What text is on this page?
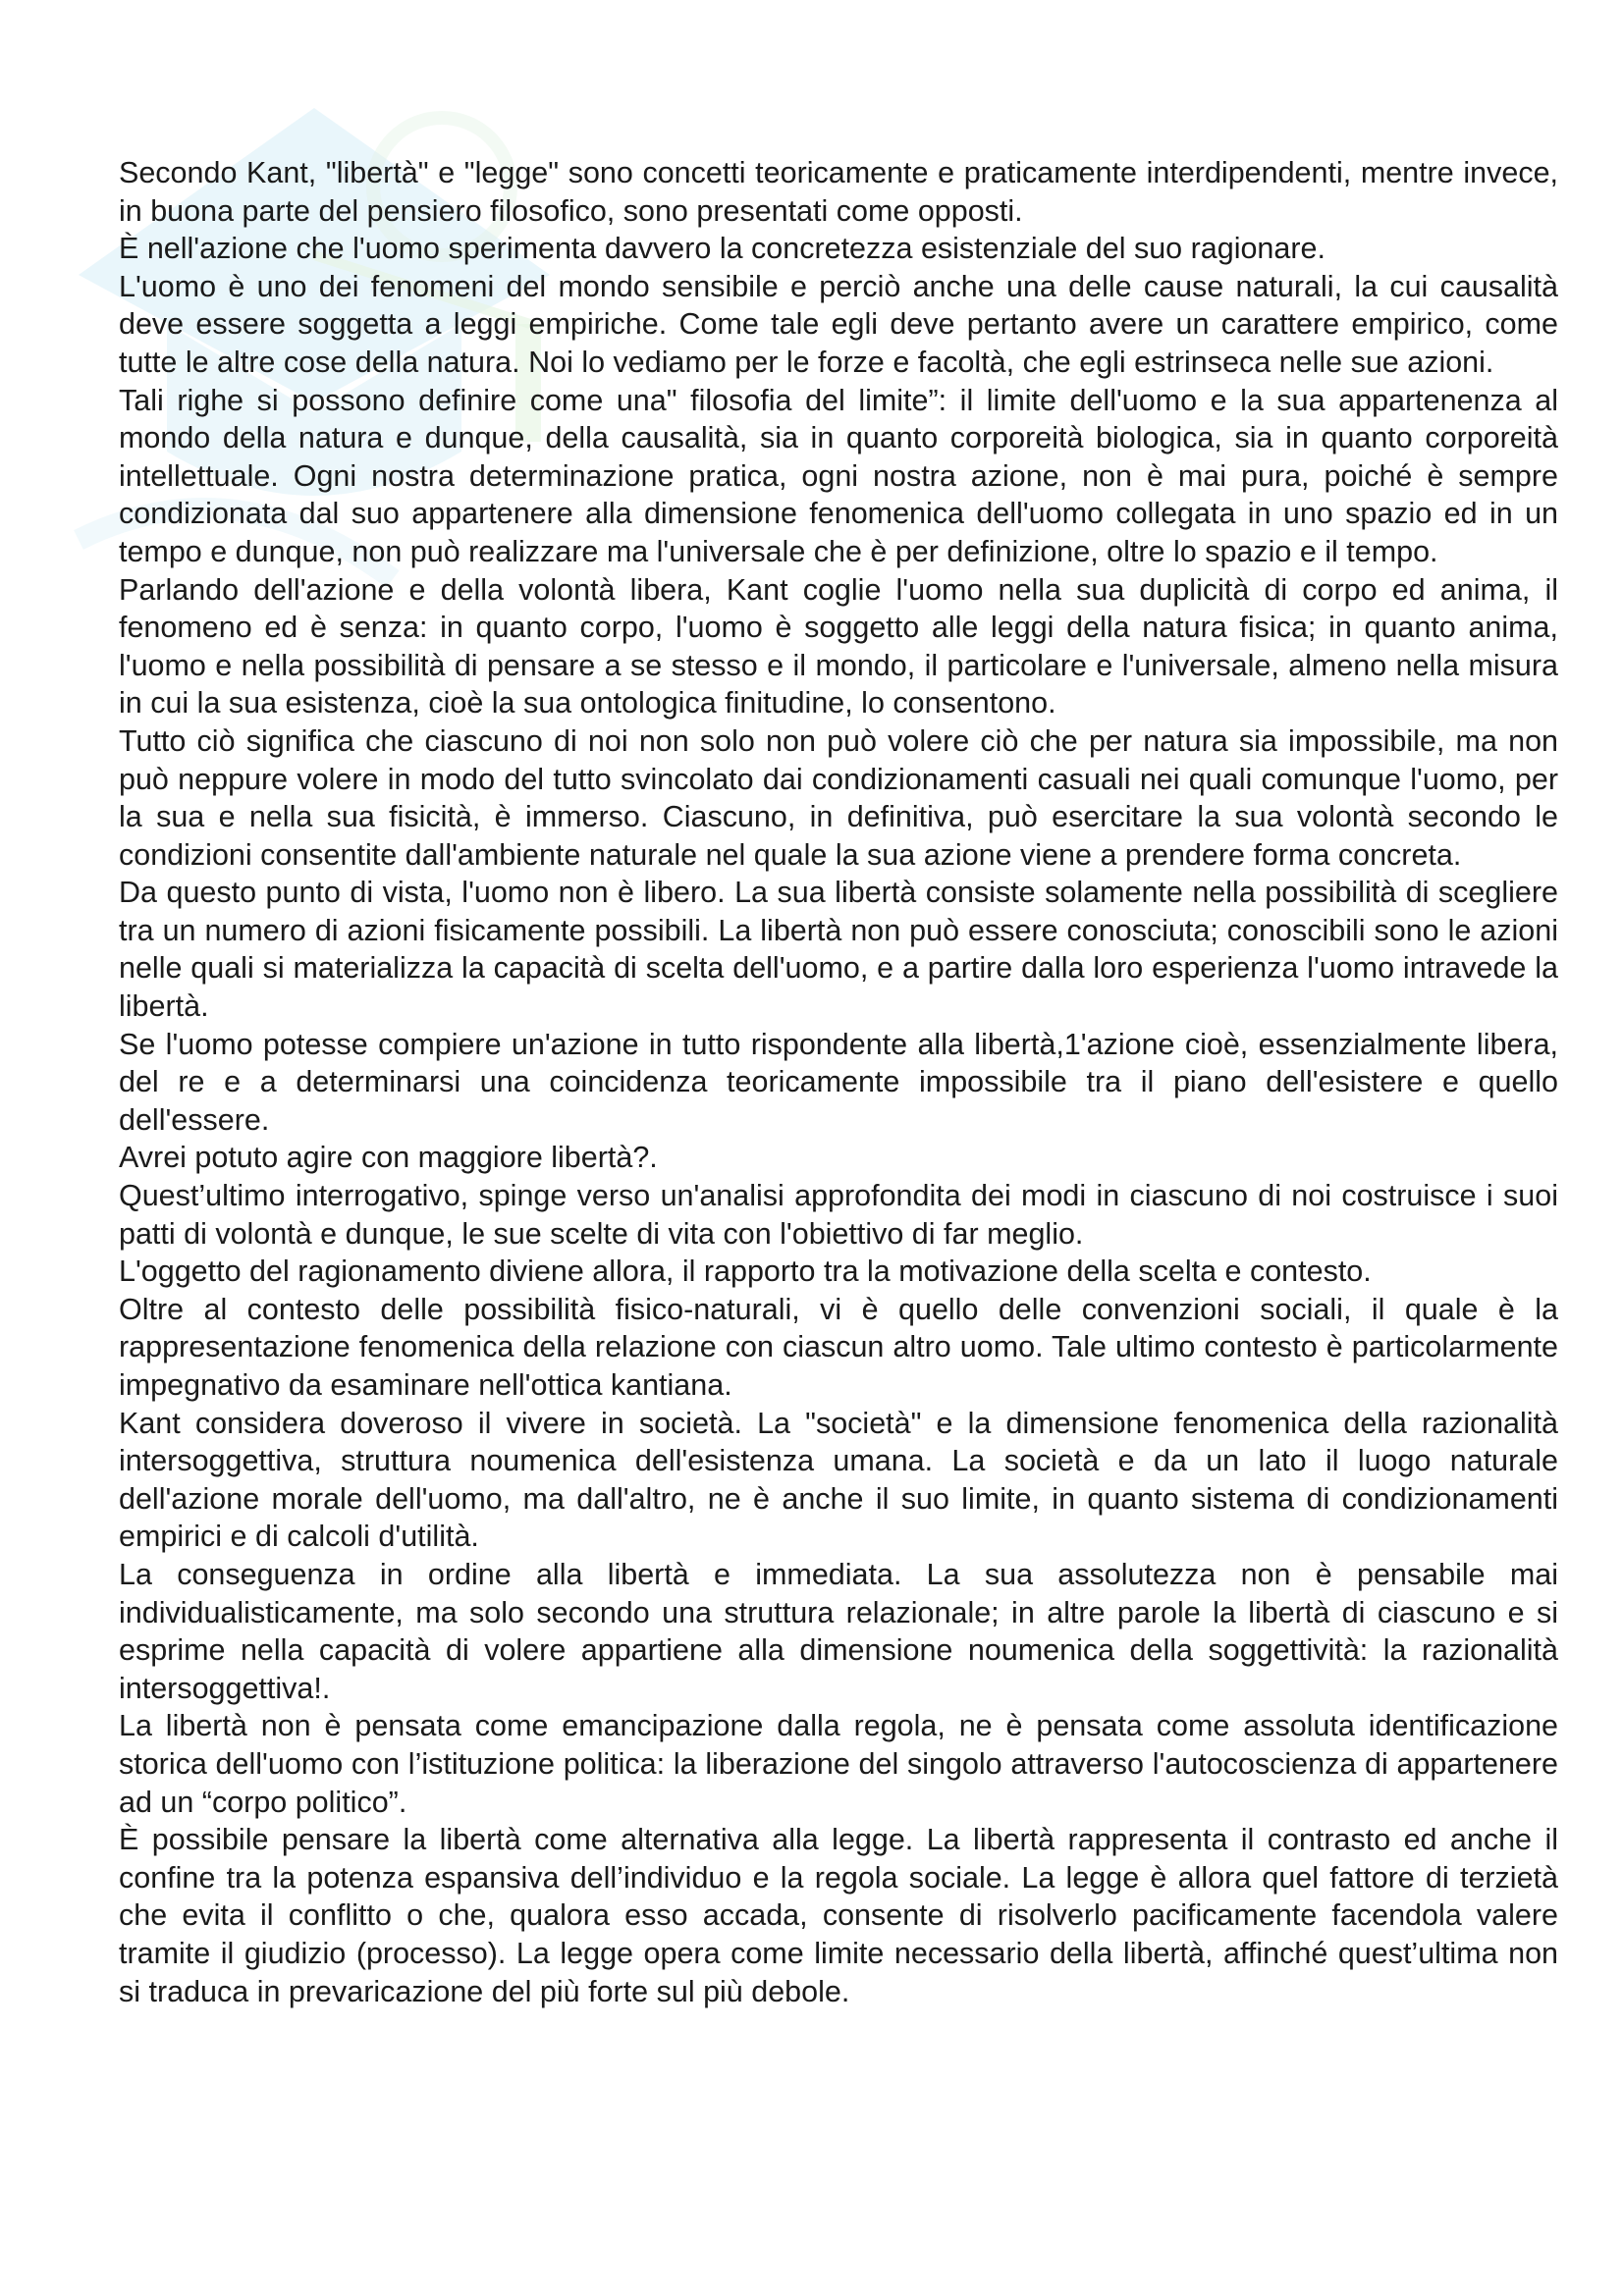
Secondo Kant, "libertà" e "legge" sono concetti teoricamente e praticamente interdipendenti, mentre invece, in buona parte del pensiero filosofico, sono presentati come opposti.

È nell'azione che l'uomo sperimenta davvero la concretezza esistenziale del suo ragionare.

L'uomo è uno dei fenomeni del mondo sensibile e perciò anche una delle cause naturali, la cui causalità deve essere soggetta a leggi empiriche. Come tale egli deve pertanto avere un carattere empirico, come tutte le altre cose della natura. Noi lo vediamo per le forze e facoltà, che egli estrinseca nelle sue azioni.

Tali righe si possono definire come una" filosofia del limite”: il limite dell'uomo e la sua appartenenza al mondo della natura e dunque, della causalità, sia in quanto corporeità biologica, sia in quanto corporeità intellettuale. Ogni nostra determinazione pratica, ogni nostra azione, non è mai pura, poiché è sempre condizionata dal suo appartenere alla dimensione fenomenica dell'uomo collegata in uno spazio ed in un tempo e dunque, non può realizzare ma l'universale che è per definizione, oltre lo spazio e il tempo.

Parlando dell'azione e della volontà libera, Kant coglie l'uomo nella sua duplicità di corpo ed anima, il fenomeno ed è senza: in quanto corpo, l'uomo è soggetto alle leggi della natura fisica; in quanto anima, l'uomo e nella possibilità di pensare a se stesso e il mondo, il particolare e l'universale, almeno nella misura in cui la sua esistenza, cioè la sua ontologica finitudine, lo consentono.

Tutto ciò significa che ciascuno di noi non solo non può volere ciò che per natura sia impossibile, ma non può neppure volere in modo del tutto svincolato dai condizionamenti casuali nei quali comunque l'uomo, per la sua e nella sua fisicità, è immerso. Ciascuno, in definitiva, può esercitare la sua volontà secondo le condizioni consentite dall'ambiente naturale nel quale la sua azione viene a prendere forma concreta.

Da questo punto di vista, l'uomo non è libero. La sua libertà consiste solamente nella possibilità di scegliere tra un numero di azioni fisicamente possibili. La libertà non può essere conosciuta; conoscibili sono le azioni nelle quali si materializza la capacità di scelta dell'uomo, e a partire dalla loro esperienza l'uomo intravede la libertà.

Se l'uomo potesse compiere un'azione in tutto rispondente alla libertà,1'azione cioè, essenzialmente libera, del re e a determinarsi una coincidenza teoricamente impossibile tra il piano dell'esistere e quello dell'essere.

Avrei potuto agire con maggiore libertà?.

Quest’ultimo interrogativo, spinge verso un'analisi approfondita dei modi in ciascuno di noi costruisce i suoi patti di volontà e dunque, le sue scelte di vita con l'obiettivo di far meglio.

L'oggetto del ragionamento diviene allora, il rapporto tra la motivazione della scelta e contesto.

Oltre al contesto delle possibilità fisico-naturali, vi è quello delle convenzioni sociali, il quale è la rappresentazione fenomenica della relazione con ciascun altro uomo. Tale ultimo contesto è particolarmente impegnativo da esaminare nell'ottica kantiana.

Kant considera doveroso il vivere in società. La "società" e la dimensione fenomenica della razionalità intersoggettiva, struttura noumenica dell'esistenza umana. La società e da un lato il luogo naturale dell'azione morale dell'uomo, ma dall'altro, ne è anche il suo limite, in quanto sistema di condizionamenti empirici e di calcoli d'utilità.

La conseguenza in ordine alla libertà e immediata. La sua assolutezza non è pensabile mai individualisticamente, ma solo secondo una struttura relazionale; in altre parole la libertà di ciascuno e si esprime nella capacità di volere appartiene alla dimensione noumenica della soggettività: la razionalità intersoggettiva!.

La libertà non è pensata come emancipazione dalla regola, ne è pensata come assoluta identificazione storica dell'uomo con l’istituzione politica: la liberazione del singolo attraverso l'autocoscienza di appartenere ad un “corpo politico”.

È possibile pensare la libertà come alternativa alla legge. La libertà rappresenta il contrasto ed anche il confine tra la potenza espansiva dell’individuo e la regola sociale. La legge è allora quel fattore di terzietà che evita il conflitto o che, qualora esso accada, consente di risolverlo pacificamente facendola valere tramite il giudizio (processo). La legge opera come limite necessario della libertà, affinché quest’ultima non si traduca in prevaricazione del più forte sul più debole.
